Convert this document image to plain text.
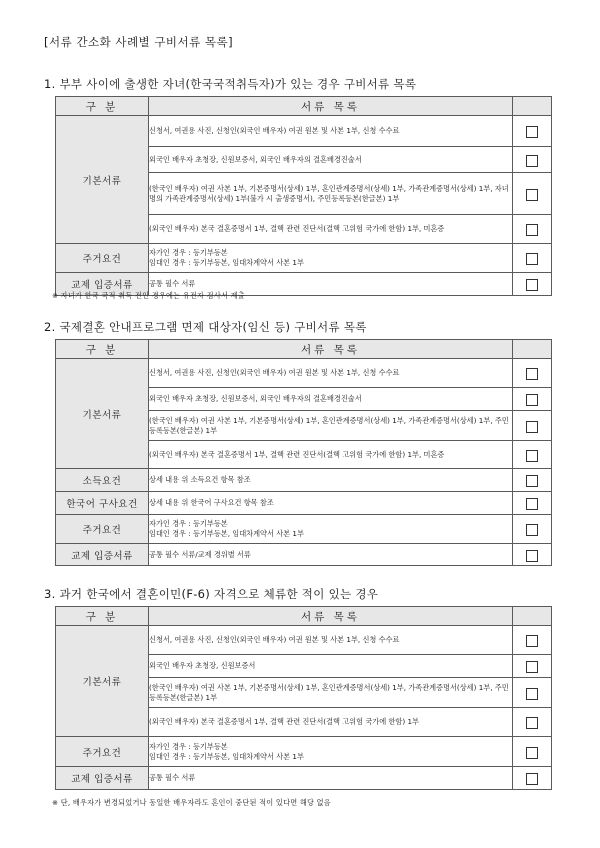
[서류 간소화 사례별 구비서류 목록]
1. 부부 사이에 출생한 자녀(한국국적취득자)가 있는 경우 구비서류 목록
구 분	서류 목록	
기본서류	신청서, 여권용 사진, 신청인(외국인 배우자) 여권 원본 및 사본 1부, 신청 수수료	
	외국인 배우자 초청장, 신원보증서, 외국인 배우자의 결혼배경진술서	
	(한국인 배우자) 여권 사본 1부, 기본증명서(상세) 1부, 혼인관계증명서(상세) 1부, 가족관계증명서(상세) 1부, 자녀 명의 가족관계증명서(상세) 1부(불가 시 출생증명서), 주민등록등본(한글본) 1부	
	(외국인 배우자) 본국 결혼증명서 1부, 결핵 관련 진단서(결핵 고위험 국가에 한함) 1부, 미혼증	
주거요건	자가인 경우 : 등기부등본
임대인 경우 : 등기부등본, 임대차계약서 사본 1부	
교제 입증서류	공통 필수 서류	
※ 자녀가 한국 국적 취득 전인 경우에는 유전자 검사서 제출
2. 국제결혼 안내프로그램 면제 대상자(임신 등) 구비서류 목록
구 분	서류 목록	
기본서류	신청서, 여권용 사진, 신청인(외국인 배우자) 여권 원본 및 사본 1부, 신청 수수료	
	외국인 배우자 초청장, 신원보증서, 외국인 배우자의 결혼배경진술서	
	(한국인 배우자) 여권 사본 1부, 기본증명서(상세) 1부, 혼인관계증명서(상세) 1부, 가족관계증명서(상세) 1부, 주민등록등본(한글본) 1부	
	(외국인 배우자) 본국 결혼증명서 1부, 결핵 관련 진단서(결핵 고위험 국가에 한함) 1부, 미혼증	
소득요건	상세 내용 위 소득요건 항목 참조	
한국어 구사요건	상세 내용 위 한국어 구사요건 항목 참조	
주거요건	자가인 경우 : 등기부등본
임대인 경우 : 등기부등본, 임대차계약서 사본 1부	
교제 입증서류	공통 필수 서류/교제 경위별 서류	
3. 과거 한국에서 결혼이민(F-6) 자격으로 체류한 적이 있는 경우
구 분	서류 목록	
기본서류	신청서, 여권용 사진, 신청인(외국인 배우자) 여권 원본 및 사본 1부, 신청 수수료	
	외국인 배우자 초청장, 신원보증서	
	(한국인 배우자) 여권 사본 1부, 기본증명서(상세) 1부, 혼인관계증명서(상세) 1부, 가족관계증명서(상세) 1부, 주민등록등본(한글본) 1부	
	(외국인 배우자) 본국 결혼증명서 1부, 결핵 관련 진단서(결핵 고위험 국가에 한함) 1부	
주거요건	자가인 경우 : 등기부등본
임대인 경우 : 등기부등본, 임대차계약서 사본 1부	
교제 입증서류	공통 필수 서류	
※ 단, 배우자가 변경되었거나 동일한 배우자라도 혼인이 중단된 적이 있다면 해당 없음
